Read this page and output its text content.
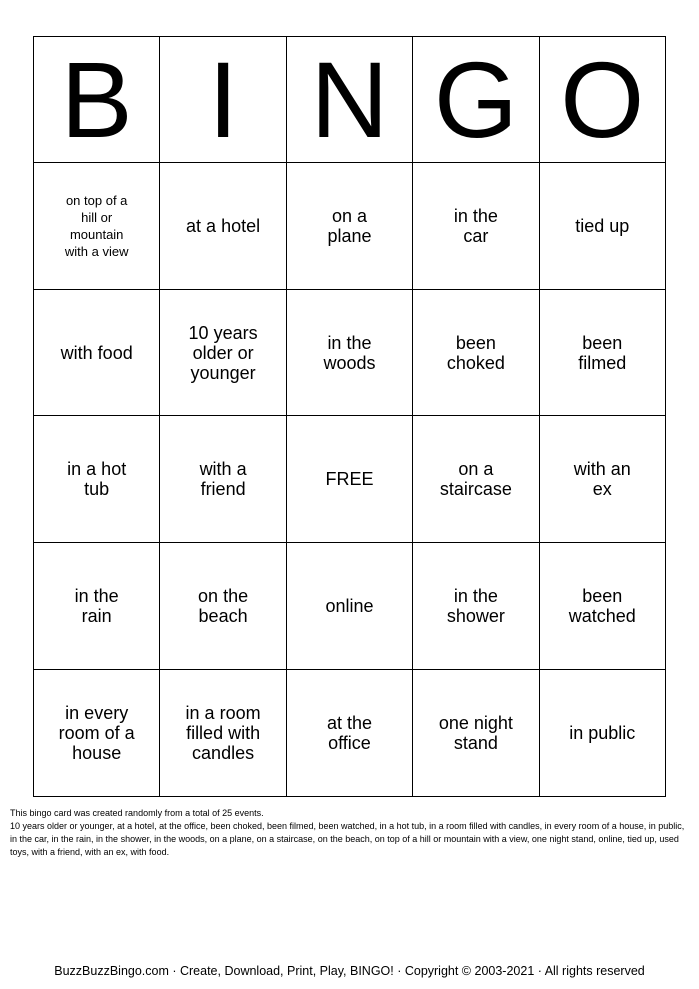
B	I	N	G	O
on top of a hill or mountain with a view	at a hotel	on a plane	in the car	tied up
with food	10 years older or younger	in the woods	been choked	been filmed
in a hot tub	with a friend	FREE	on a staircase	with an ex
in the rain	on the beach	online	in the shower	been watched
in every room of a house	in a room filled with candles	at the office	one night stand	in public

This bingo card was created randomly from a total of 25 events.

10 years older or younger, at a hotel, at the office, been choked, been filmed, been watched, in a hot tub, in a room filled with candles, in every room of a house, in public, in the car, in the rain, in the shower, in the woods, on a plane, on a staircase, on the beach, on top of a hill or mountain with a view, one night stand, online, tied up, used toys, with a friend, with an ex, with food.

BuzzBuzzBingo.com · Create, Download, Print, Play, BINGO! · Copyright © 2003-2021 · All rights reserved
